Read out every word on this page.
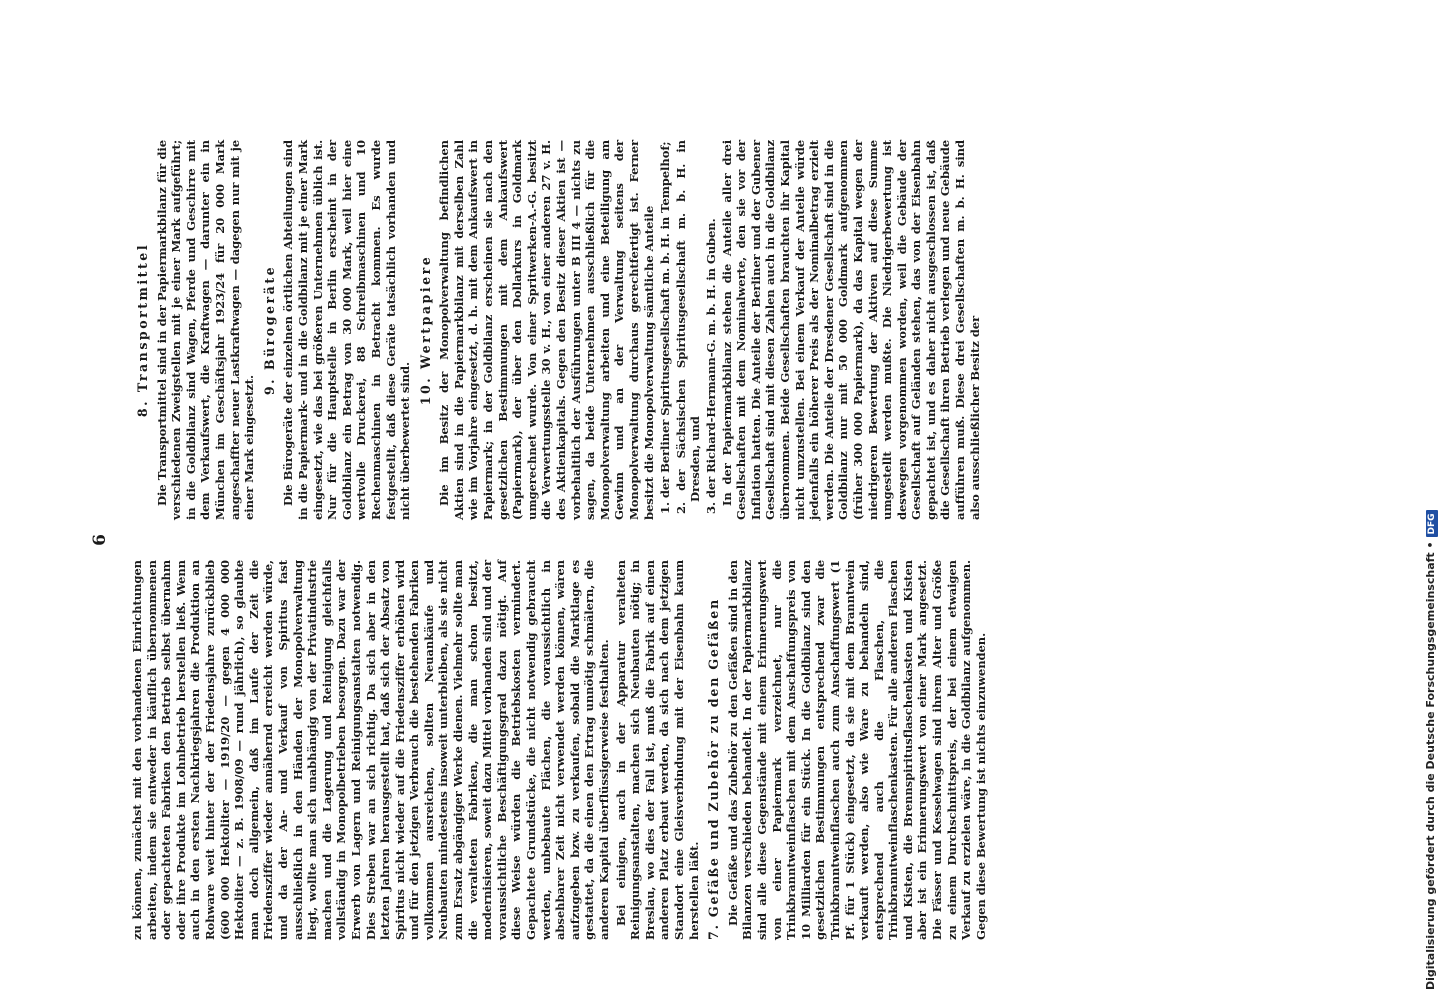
6

zu können, zunächst mit den vorhandenen Einrichtungen arbeiten, indem sie entweder in käuflich übernommenen oder gepachteten Fabriken den Betrieb selbst übernahm oder ihre Produkte im Lohnbetrieb herstellen ließ. Wenn auch in den ersten Nachkriegsjahren die Produktion an Rohware weit hinter der der Friedensjahre zurückblieb (600 000 Hektoliter — 1919/20 — gegen 4 000 000 Hektoliter — z. B. 1908/09 — rund jährlich), so glaubte man doch allgemein, daß im Laufe der Zeit die Friedensziffer wieder annähernd erreicht werden würde, und da der An- und Verkauf von Spiritus fast ausschließlich in den Händen der Monopolverwaltung liegt, wollte man sich unabhängig von der Privatindustrie machen und die Lagerung und Reinigung gleichfalls vollständig in Monopolbetrieben besorgen. Dazu war der Erwerb von Lagern und Reinigungsanstalten notwendig. Dies Streben war an sich richtig. Da sich aber in den letzten Jahren herausgestellt hat, daß sich der Absatz von Spiritus nicht wieder auf die Friedensziffer erhöhen wird und für den jetzigen Verbrauch die bestehenden Fabriken vollkommen ausreichen, sollten Neuankäufe und Neubauten mindestens insoweit unterbleiben, als sie nicht zum Ersatz abgängiger Werke dienen. Vielmehr sollte man die veralteten Fabriken, die man schon besitzt, modernisieren, soweit dazu Mittel vorhanden sind und der voraussichtliche Beschäftigungsgrad dazu nötigt. Auf diese Weise würden die Betriebskosten vermindert. Gepachtete Grundstücke, die nicht notwendig gebraucht werden, unbebaute Flächen, die voraussichtlich in absehbarer Zeit nicht verwendet werden können, wären aufzugeben bzw. zu verkaufen, sobald die Marktlage es gestattet, da die einen den Ertrag unnötig schmälern, die anderen Kapital überflüssigerweise festhalten. Bei einigen, auch in der Apparatur veralteten Reinigungsanstalten, machen sich Neubauten nötig; in Breslau, wo dies der Fall ist, muß die Fabrik auf einen anderen Platz erbaut werden, da sich nach dem jetzigen Standort eine Gleisverbindung mit der Eisenbahn kaum herstellen läßt. 7. Gefäße und Zubehör zu den Gefäßen Die Gefäße und das Zubehör zu den Gefäßen sind in den Bilanzen verschieden behandelt. In der Papiermarkbilanz sind alle diese Gegenstände mit einem Erinnerungswert von einer Papiermark verzeichnet, nur die Trinkbranntweinflaschen mit dem Anschaffungspreis von 10 Milliarden für ein Stück. In die Goldbilanz sind den gesetzlichen Bestimmungen entsprechend zwar die Trinkbranntweinflaschen auch zum Anschaffungswert (1 Pf. für 1 Stück) eingesetzt, da sie mit dem Branntwein verkauft werden, also wie Ware zu behandeln sind, entsprechend auch die Flaschen, die Trinkbranntweinflaschenkasten. Für alle anderen Flaschen und Kisten, die Brennspiritusflaschenkasten und Kisten aber ist ein Erinnerungswert von einer Mark angesetzt. Die Fässer und Kesselwagen sind ihrem Alter und Größe zu einem Durchschnittspreis, der bei einem etwaigen Verkauf zu erzielen wäre, in die Goldbilanz aufgenommen. Gegen diese Bewertung ist nichts einzuwenden.

8. Transportmittel Die Transportmittel sind in der Papiermarkbilanz für die verschiedenen Zweigstellen mit je einer Mark aufgeführt; in die Goldbilanz sind Wagen, Pferde und Geschirre mit dem Verkaufswert, die Kraftwagen — darunter ein in München im Geschäftsjahr 1923/24 für 20 000 Mark angeschaffter neuer Lastkraftwagen — dagegen nur mit je einer Mark eingesetzt.

9. Bürogeräte Die Bürogeräte der einzelnen örtlichen Abteilungen sind in die Papiermark- und in die Goldbilanz mit je einer Mark eingesetzt, wie das bei größeren Unternehmen üblich ist. Nur für die Hauptstelle in Berlin erscheint in der Goldbilanz ein Betrag von 30 000 Mark, weil hier eine wertvolle Druckerei, 88 Schreibmaschinen und 10 Rechenmaschinen in Betracht kommen. Es wurde festgestellt, daß diese Geräte tatsächlich vorhanden und nicht überbewertet sind.

10. Wertpapiere Die im Besitz der Monopolverwaltung befindlichen Aktien sind in die Papiermarkbilanz mit derselben Zahl wie im Vorjahre eingesetzt, d. h. mit dem Ankaufswert in Papiermark; in der Goldbilanz erscheinen sie nach den gesetzlichen Bestimmungen mit dem Ankaufswert (Papiermark), der über den Dollarkurs in Goldmark umgerechnet wurde. Von einer Spritwerken-A.-G. besitzt die Verwertungsstelle 30 v. H., von einer anderen 27 v. H. des Aktienkapitals. Gegen den Besitz dieser Aktien ist — vorbehaltlich der Ausführungen unter B III 4 — nichts zu sagen, da beide Unternehmen ausschließlich für die Monopolverwaltung arbeiten und eine Beteiligung am Gewinn und an der Verwaltung seitens der Monopolverwaltung durchaus gerechtfertigt ist. Ferner besitzt die Monopolverwaltung sämtliche Anteile 1. der Berliner Spiritusgesellschaft m. b. H. in Tempelhof; 2. der Sächsischen Spiritusgesellschaft m. b. H. in Dresden, und 3. der Richard-Hermann-G. m. b. H. in Guben. In der Papiermarkbilanz stehen die Anteile aller drei Gesellschaften mit dem Nominalwerte, den sie vor der Inflation hatten. Die Anteile der Berliner und der Gubener Gesellschaft sind mit diesen Zahlen auch in die Goldbilanz übernommen. Beide Gesellschaften brauchten ihr Kapital nicht umzustellen. Bei einem Verkauf der Anteile würde jedenfalls ein höherer Preis als der Nominalbetrag erzielt werden. Die Anteile der Dresdener Gesellschaft sind in die Goldbilanz nur mit 50 000 Goldmark aufgenommen (früher 300 000 Papiermark), da das Kapital wegen der niedrigeren Bewertung der Aktiven auf diese Summe umgestellt werden mußte. Die Niedrigerbewertung ist deswegen vorgenommen worden, weil die Gebäude der Gesellschaft auf Geländen stehen, das von der Eisenbahn gepachtet ist, und es daher nicht ausgeschlossen ist, daß die Gesellschaft ihren Betrieb verlegen und neue Gebäude aufführen muß. Diese drei Gesellschaften m. b. H. sind also ausschließlicher Besitz der

Digitalisierung gefördert durch die Deutsche Forschungsgemeinschaft •DFG
